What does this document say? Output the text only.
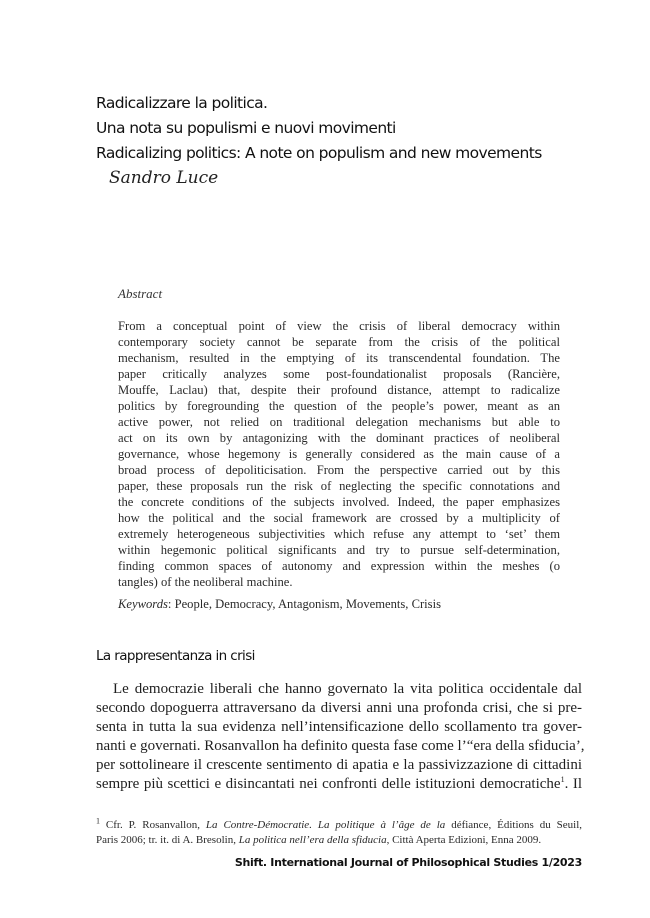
Radicalizzare la politica.
Una nota su populismi e nuovi movimenti
Radicalizing politics: A note on populism and new movements

Sandro Luce

Abstract

From a conceptual point of view the crisis of liberal democracy within

contemporary society cannot be separate from the crisis of the political

mechanism, resulted in the emptying of its transcendental foundation. The

paper critically analyzes some post-foundationalist proposals (Rancière,

Mouffe, Laclau) that, despite their profound distance, attempt to radicalize

politics by foregrounding the question of the people’s power, meant as an

active power, not relied on traditional delegation mechanisms but able to

act on its own by antagonizing with the dominant practices of neoliberal

governance, whose hegemony is generally considered as the main cause of a

broad process of depoliticisation. From the perspective carried out by this

paper, these proposals run the risk of neglecting the specific connotations and

the concrete conditions of the subjects involved. Indeed, the paper emphasizes

how the political and the social framework are crossed by a multiplicity of

extremely heterogeneous subjectivities which refuse any attempt to ‘set’ them

within hegemonic political significants and try to pursue self-determination,

finding common spaces of autonomy and expression within the meshes (o

tangles) of the neoliberal machine.

Keywords: People, Democracy, Antagonism, Movements, Crisis

La rappresentanza in crisi

Le democrazie liberali che hanno governato la vita politica occidentale dal

secondo dopoguerra attraversano da diversi anni una profonda crisi, che si pre-

senta in tutta la sua evidenza nell’intensificazione dello scollamento tra gover-

nanti e governati. Rosanvallon ha definito questa fase come l’“era della sfiducia’,

per sottolineare il crescente sentimento di apatia e la passivizzazione di cittadini

sempre più scettici e disincantati nei confronti delle istituzioni democratiche$^1$. Il

$^1$ Cfr. P. Rosanvallon, La Contre-Démocratie. La politique à l’âge de la défiance, Éditions du Seuil,

Paris 2006; tr. it. di A. Bresolin, La politica nell’era della sfiducia, Città Aperta Edizioni, Enna 2009.

Shift. International Journal of Philosophical Studies 1/2023
